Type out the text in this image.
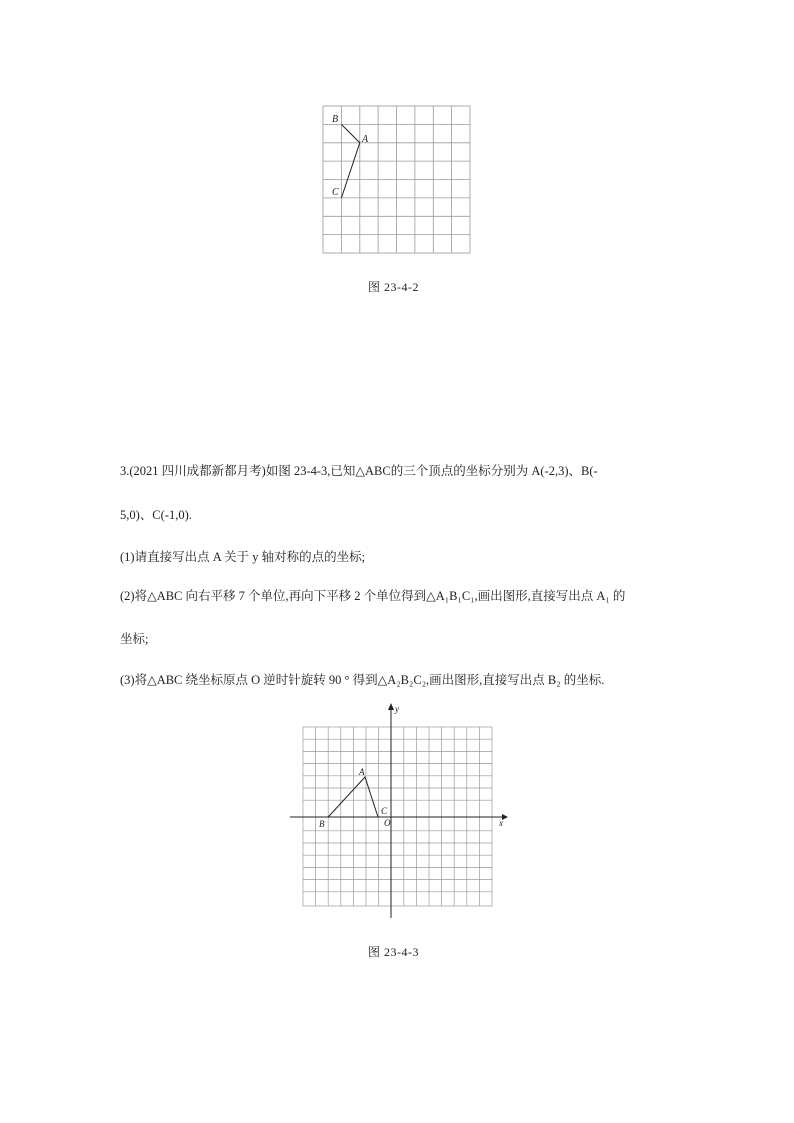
B
A
C
图 23-4-2
3.(2021 四川成都新都月考)如图 23-4-3,已知△ABC的三个顶点的坐标分别为 A(-2,3)、B(-
5,0)、C(-1,0).
(1)请直接写出点 A 关于 y 轴对称的点的坐标;
(2)将△ABC 向右平移 7 个单位,再向下平移 2 个单位得到△A₁B₁C₁,画出图形,直接写出点 A₁ 的
坐标;
(3)将△ABC 绕坐标原点 O 逆时针旋转 90 ° 得到△A₂B₂C₂,画出图形,直接写出点 B₂ 的坐标.
x
y
O
A
B
C
图 23-4-3
